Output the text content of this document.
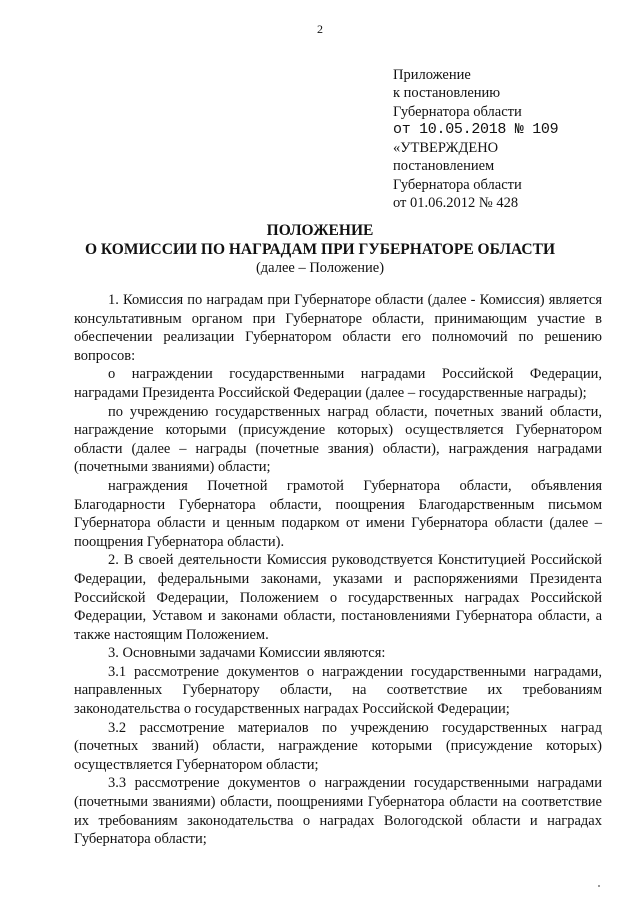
2
Приложение
к постановлению
Губернатора области
от 10.05.2018 № 109
«УТВЕРЖДЕНО
постановлением
Губернатора области
от 01.06.2012 № 428
ПОЛОЖЕНИЕ
О КОМИССИИ ПО НАГРАДАМ ПРИ ГУБЕРНАТОРЕ ОБЛАСТИ
(далее – Положение)

1. Комиссия по наградам при Губернаторе области (далее - Комиссия) является консультативным органом при Губернаторе области, принимающим участие в обеспечении реализации Губернатором области его полномочий по решению вопросов:

о награждении государственными наградами Российской Федерации, наградами Президента Российской Федерации (далее – государственные награды);

по учреждению государственных наград области, почетных званий области, награждение которыми (присуждение которых) осуществляется Губернатором области (далее – награды (почетные звания) области), награждения наградами (почетными званиями) области;

награждения Почетной грамотой Губернатора области, объявления Благодарности Губернатора области, поощрения Благодарственным письмом Губернатора области и ценным подарком от имени Губернатора области (далее – поощрения Губернатора области).

2. В своей деятельности Комиссия руководствуется Конституцией Российской Федерации, федеральными законами, указами и распоряжениями Президента Российской Федерации, Положением о государственных наградах Российской Федерации, Уставом и законами области, постановлениями Губернатора области, а также настоящим Положением.

3. Основными задачами Комиссии являются:

3.1 рассмотрение документов о награждении государственными наградами, направленных Губернатору области, на соответствие их требованиям законодательства о государственных наградах Российской Федерации;

3.2 рассмотрение материалов по учреждению государственных наград (почетных званий) области, награждение которыми (присуждение которых) осуществляется Губернатором области;

3.3 рассмотрение документов о награждении государственными наградами (почетными званиями) области, поощрениями Губернатора области на соответствие их требованиям законодательства о наградах Вологодской области и наградах Губернатора области;
